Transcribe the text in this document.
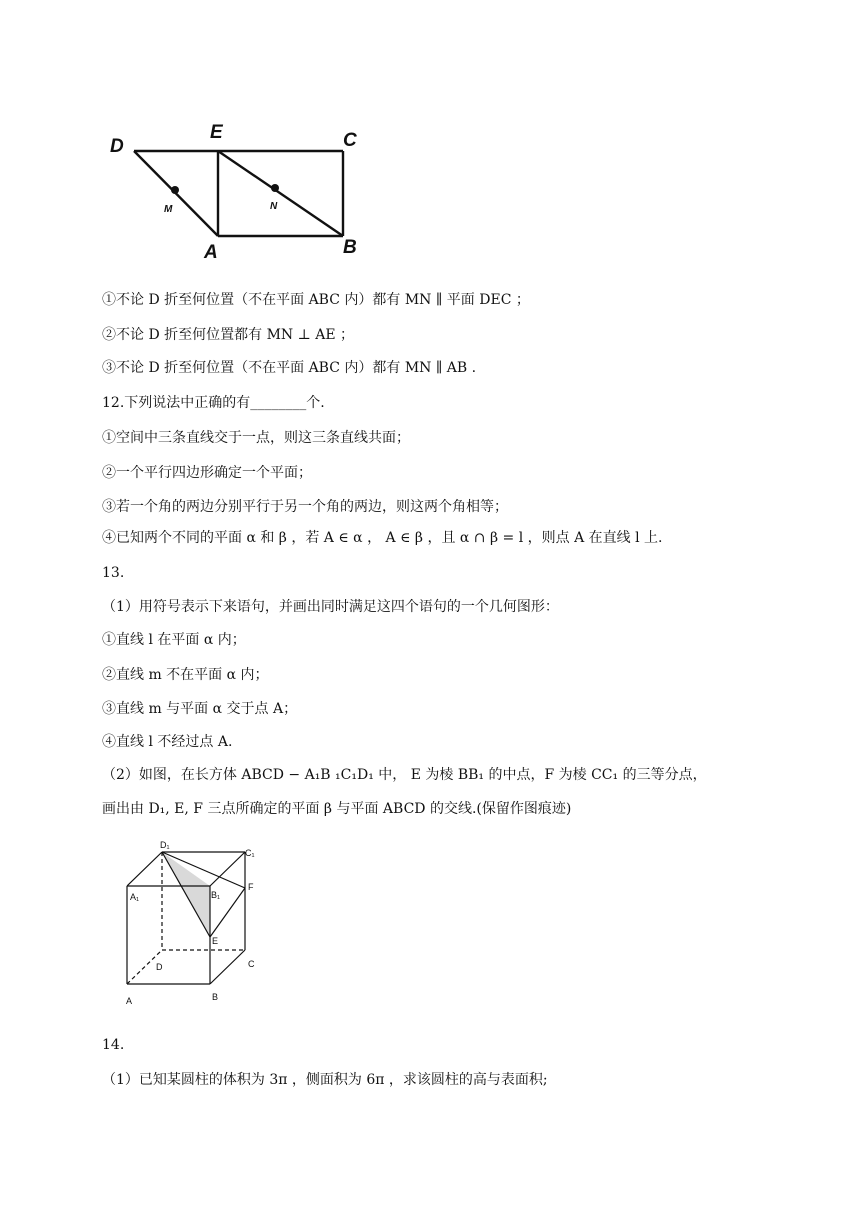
D
E	C
M	N
A	B
①不论 D 折至何位置（不在平面 ABC 内）都有 MN ∥ 平面 DEC ；
②不论 D 折至何位置都有 MN ⊥ AE ；
③不论 D 折至何位置（不在平面 ABC 内）都有 MN ∥ AB .
12.下列说法中正确的有________个.
①空间中三条直线交于一点，则这三条直线共面；
②一个平行四边形确定一个平面；
③若一个角的两边分别平行于另一个角的两边，则这两个角相等；
④已知两个不同的平面 α 和 β ，若 A ∈ α ， A ∈ β ，且 α ∩ β = l ，则点 A 在直线 l 上.
13.
（1）用符号表示下来语句，并画出同时满足这四个语句的一个几何图形：
①直线 l 在平面 α 内；
②直线 m 不在平面 α 内；
③直线 m 与平面 α 交于点 A；
④直线 l 不经过点 A.
（2）如图，在长方体 ABCD − A₁B ₁C₁D₁ 中， E 为棱 BB₁ 的中点，F 为棱 CC₁ 的三等分点，
画出由 D₁, E, F 三点所确定的平面 β 与平面 ABCD 的交线.(保留作图痕迹)
D₁
C₁
A₁	B₁
F
E
D	C
A	B
14.
（1）已知某圆柱的体积为 3π ，侧面积为 6π ，求该圆柱的高与表面积;
